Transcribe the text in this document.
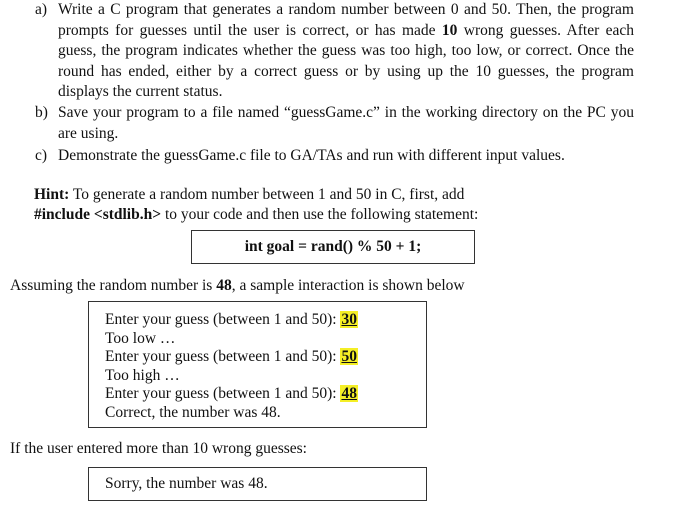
a) Write a C program that generates a random number between 0 and 50. Then, the program
prompts for guesses until the user is correct, or has made 10 wrong guesses. After each
guess, the program indicates whether the guess was too high, too low, or correct. Once the
round has ended, either by a correct guess or by using up the 10 guesses, the program
displays the current status.
b) Save your program to a file named “guessGame.c” in the working directory on the PC you
are using.
c) Demonstrate the guessGame.c file to GA/TAs and run with different input values.
Hint: To generate a random number between 1 and 50 in C, first, add
#include <stdlib.h> to your code and then use the following statement:
int goal = rand() % 50 + 1;
Assuming the random number is 48, a sample interaction is shown below
Enter your guess (between 1 and 50): 30
Too low …
Enter your guess (between 1 and 50): 50
Too high …
Enter your guess (between 1 and 50): 48
Correct, the number was 48.
If the user entered more than 10 wrong guesses:
Sorry, the number was 48.
